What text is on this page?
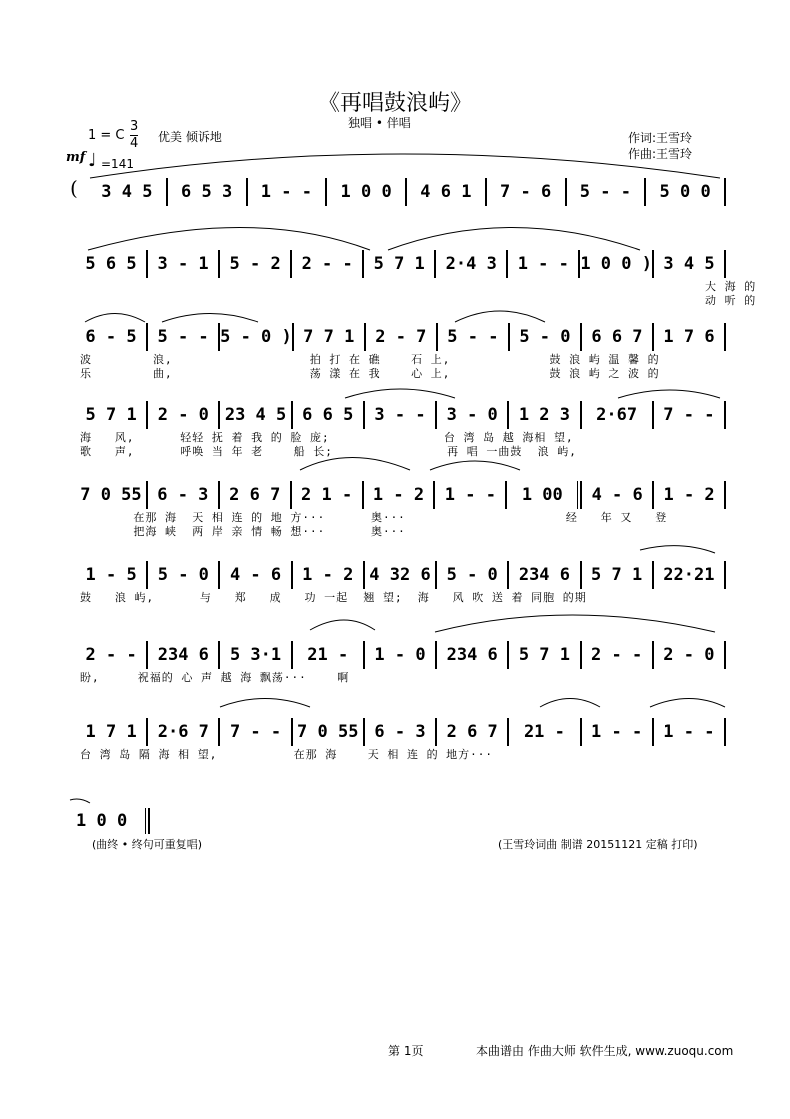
《再唱鼓浪屿》
独唱 • 伴唱
1 = C $\frac{3}{4}$ 优美 倾诉地
mf ♩ =141
作词:王雪玲
作曲:王雪玲
(	3 4 5	6 5 3	1 - -	1 0 0	4 6 1	7 - 6	5 - -	5 0 0
5 6 5	3 - 1	5 - 2	2 - -	5 7 1	2·4 3	1 - - 1 0 0 ) 3 4 5
大 海 的
动 听 的
6 - 5	5 - - 5 - 0 ) 7 7 1	2 - 7	5 - -	5 - 0	6 6 7	1 7 6
波        浪,                  拍 打 在 礁    石 上,             鼓 浪 屿 温 馨 的
乐        曲,                  荡 漾 在 我    心 上,             鼓 浪 屿 之 波 的
5 7 1	2 - 0 23 4 5 6 6 5	3 - -	3 - 0	1 2 3	2·67	7 - -
海   风,      轻轻 抚 着 我 的 脸 庞;               台 湾 岛 越 海相 望,
歌   声,      呼唤 当 年 老    船 长;               再 唱 一曲鼓  浪 屿,
7 0 55 6 - 3	2 6 7	2 1 -	1 - 2	1 - -	1 00	4 - 6	1 - 2
在那 海  天 相 连 的 地 方···      奥···                     经   年 又   登
把海 峡  两 岸 亲 情 畅 想···      奥···
1 - 5	5 - 0	4 - 6	1 - 2 4 32 6 5 - 0	234 6	5 7 1	22·21
鼓   浪 屿,      与   郑   成   功 一起  翘 望;  海   风 吹 送 着 同胞 的期
2 - -	234 6	5 3·1	21 -	1 - 0	234 6	5 7 1	2 - -	2 - 0
盼,     祝福的 心 声 越 海 飘荡···    啊
1 7 1	2·6 7	7 - - 7 0 55 6 - 3	2 6 7	21 -	1 - -	1 - -
台 湾 岛 隔 海 相 望,          在那 海    天 相 连 的 地方···
1 0 0
(曲终 • 终句可重复唱)	(王雪玲词曲 制谱 20151121 定稿 打印)
第 1页	本曲谱由 作曲大师 软件生成, www.zuoqu.com
